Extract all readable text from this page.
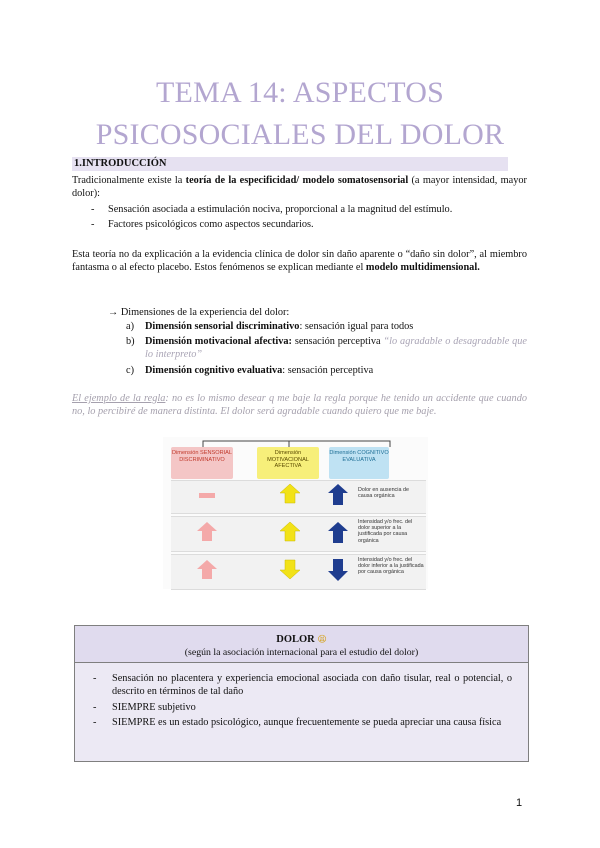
TEMA 14: ASPECTOS
PSICOSOCIALES DEL DOLOR
1.INTRODUCCIÓN
Tradicionalmente existe la teoría de la especificidad/ modelo somatosensorial (a mayor intensidad, mayor dolor):
- Sensación asociada a estimulación nociva, proporcional a la magnitud del estímulo.
- Factores psicológicos como aspectos secundarios.
Esta teoría no da explicación a la evidencia clínica de dolor sin daño aparente o “daño sin dolor”, al miembro fantasma o al efecto placebo. Estos fenómenos se explican mediante el modelo multidimensional.
→ Dimensiones de la experiencia del dolor:
a) Dimensión sensorial discriminativo: sensación igual para todos
b) Dimensión motivacional afectiva: sensación perceptiva “lo agradable o desagradable que lo interpreto”
c) Dimensión cognitivo evaluativa: sensación perceptiva
El ejemplo de la regla: no es lo mismo desear q me baje la regla porque he tenido un accidente que cuando no, lo percibiré de manera distinta. El dolor será agradable cuando quiero que me baje.
Dimensión SENSORIAL DISCRIMINATIVO
Dimensión MOTIVACIONAL AFECTIVA
Dimensión COGNITIVO EVALUATIVA
Dolor en ausencia de causa orgánica
Intensidad y/o frec. del dolor superior a la justificada por causa orgánica
Intensidad y/o frec. del dolor inferior a la justificada por causa orgánica
DOLOR 😫
(según la asociación internacional para el estudio del dolor)
- Sensación no placentera y experiencia emocional asociada con daño tisular, real o potencial, o descrito en términos de tal daño
- SIEMPRE subjetivo
- SIEMPRE es un estado psicológico, aunque frecuentemente se pueda apreciar una causa física
1
